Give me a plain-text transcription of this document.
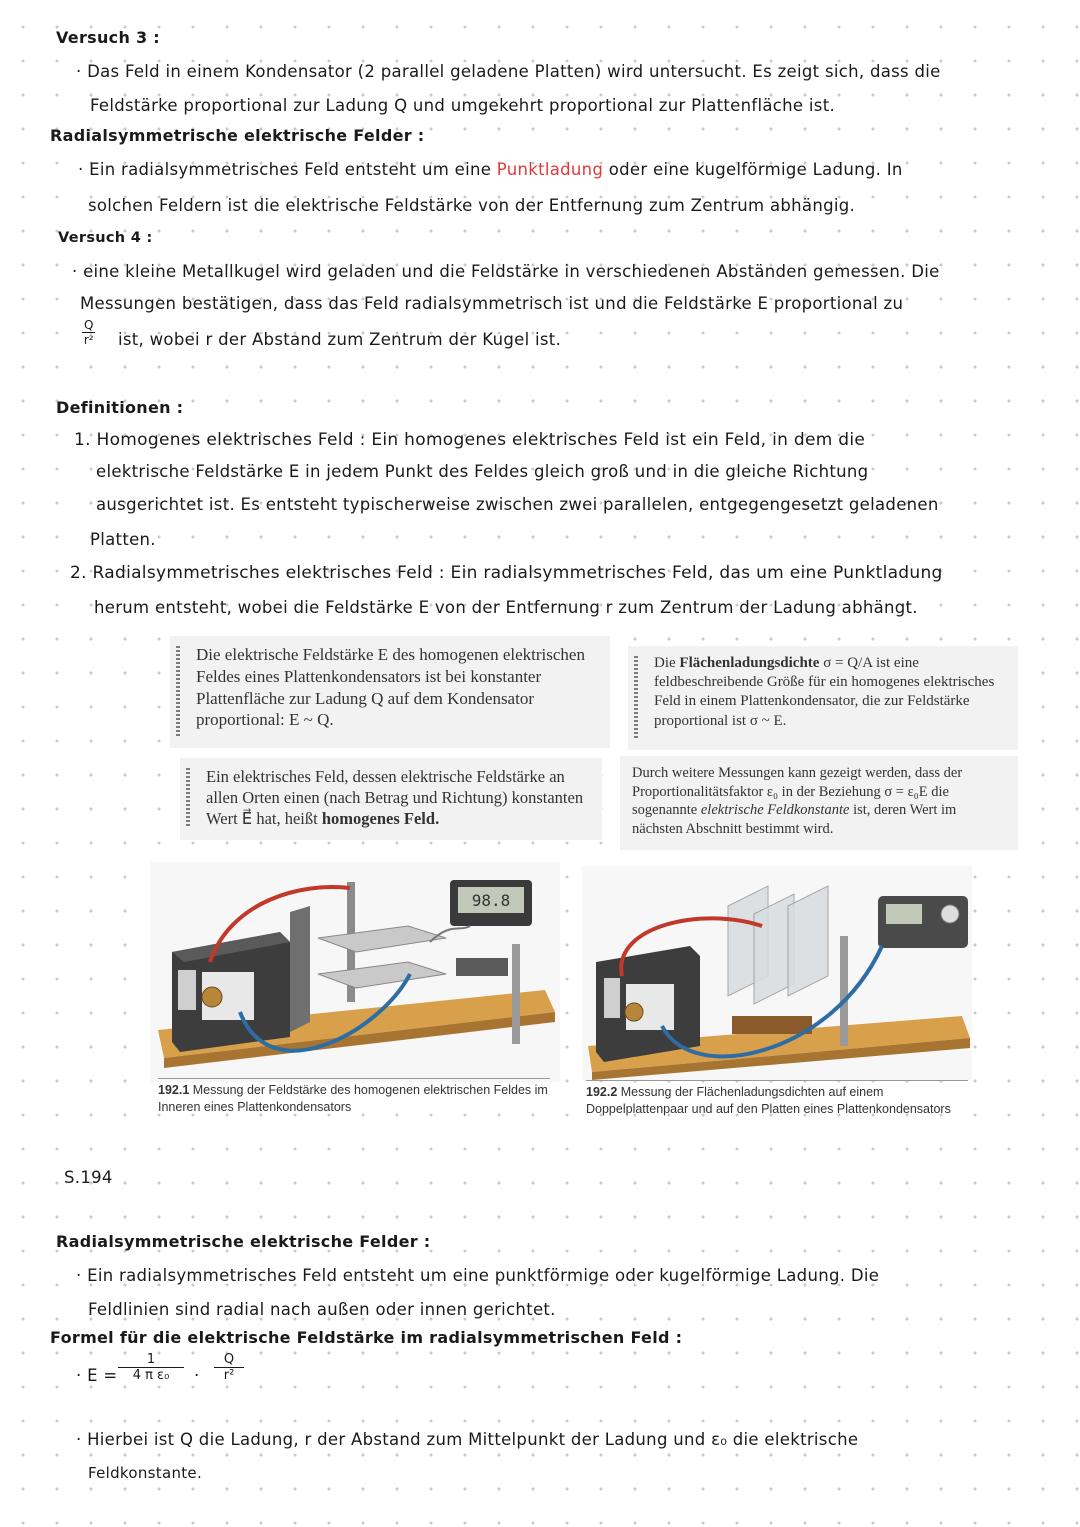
Versuch 3 :
· Das Feld in einem Kondensator (2 parallel geladene Platten) wird untersucht. Es zeigt sich, dass die
Feldstärke proportional zur Ladung Q und umgekehrt proportional zur Plattenfläche ist.
Radialsymmetrische elektrische Felder :
· Ein radialsymmetrisches Feld entsteht um eine Punktladung oder eine kugelförmige Ladung. In
solchen Feldern ist die elektrische Feldstärke von der Entfernung zum Zentrum abhängig.
Versuch 4 :
· eine kleine Metallkugel wird geladen und die Feldstärke in verschiedenen Abständen gemessen. Die
Messungen bestätigen, dass das Feld radialsymmetrisch ist und die Feldstärke E proportional zu
$\frac{Q}{\text{r²}}$ ist, wobei r der Abstand zum Zentrum der Kugel ist.
Definitionen :
1. Homogenes elektrisches Feld : Ein homogenes elektrisches Feld ist ein Feld, in dem die
elektrische Feldstärke E in jedem Punkt des Feldes gleich groß und in die gleiche Richtung
ausgerichtet ist. Es entsteht typischerweise zwischen zwei parallelen, entgegengesetzt geladenen
Platten.
2. Radialsymmetrisches elektrisches Feld : Ein radialsymmetrisches Feld, das um eine Punktladung
herum entsteht, wobei die Feldstärke E von der Entfernung r zum Zentrum der Ladung abhängt.
Die elektrische Feldstärke E des homogenen elektrischen Feldes eines Plattenkondensators ist bei konstanter Plattenfläche zur Ladung Q auf dem Kondensator proportional: E ~ Q.
Die Flächenladungsdichte σ = Q/A ist eine feldbeschreibende Größe für ein homogenes elektrisches Feld in einem Plattenkondensator, die zur Feldstärke proportional ist σ ~ E.
Ein elektrisches Feld, dessen elektrische Feldstärke an allen Orten einen (nach Betrag und Richtung) konstanten Wert E⃗ hat, heißt homogenes Feld.
Durch weitere Messungen kann gezeigt werden, dass der Proportionalitätsfaktor ε₀ in der Beziehung σ = ε₀E die sogenannte elektrische Feldkonstante ist, deren Wert im nächsten Abschnitt bestimmt wird.
98.8
192.1 Messung der Feldstärke des homogenen elektrischen Feldes im Inneren eines Plattenkondensators
192.2 Messung der Flächenladungsdichten auf einem Doppelplattenpaar und auf den Platten eines Plattenkondensators
S.194
Radialsymmetrische elektrische Felder :
· Ein radialsymmetrisches Feld entsteht um eine punktförmige oder kugelförmige Ladung. Die
Feldlinien sind radial nach außen oder innen gerichtet.
Formel für die elektrische Feldstärke im radialsymmetrischen Feld :
· $E = \frac{1}{\text{4 π ε₀}} \cdot \frac{Q}{\text{r²}}$
· Hierbei ist Q die Ladung, r der Abstand zum Mittelpunkt der Ladung und ε₀ die elektrische
Feldkonstante.
